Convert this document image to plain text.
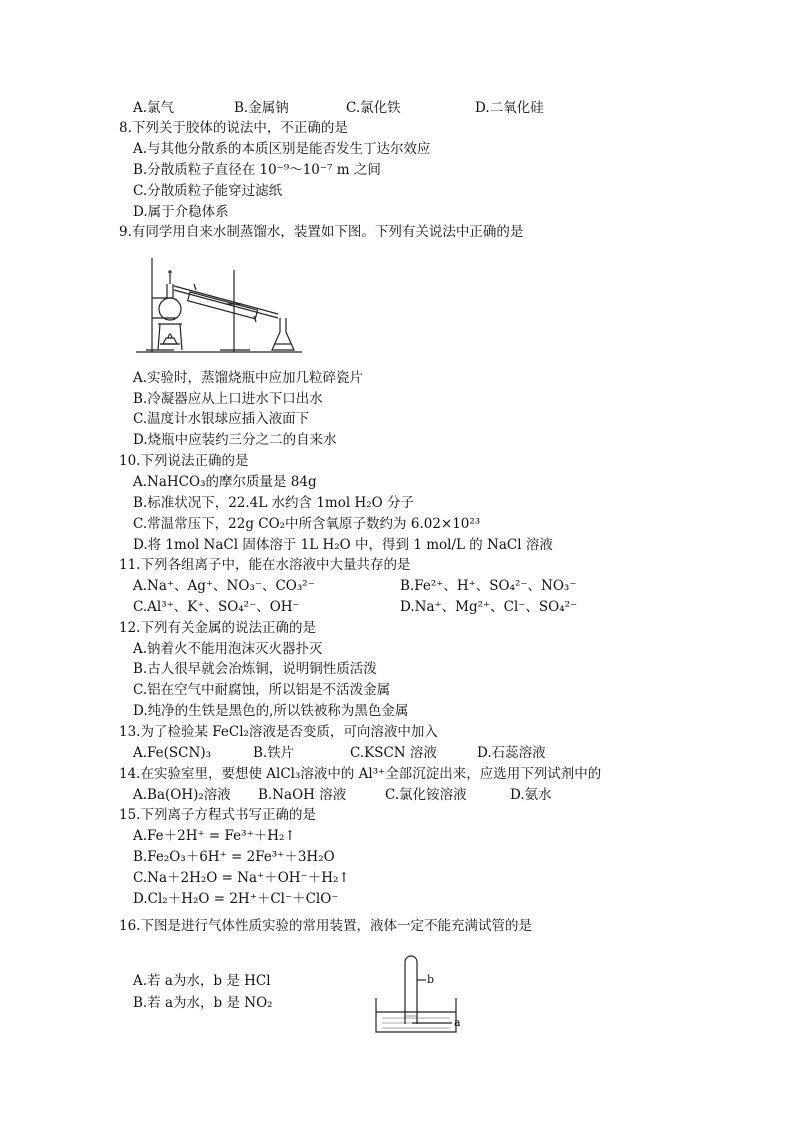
A.氯气	B.金属钠	C.氯化铁	D.二氧化硅
8.下列关于胶体的说法中，不正确的是
A.与其他分散系的本质区别是能否发生丁达尔效应
B.分散质粒子直径在 10⁻⁹～10⁻⁷ m 之间
C.分散质粒子能穿过滤纸
D.属于介稳体系
9.有同学用自来水制蒸馏水，装置如下图。下列有关说法中正确的是
A.实验时，蒸馏烧瓶中应加几粒碎瓷片
B.冷凝器应从上口进水下口出水
C.温度计水银球应插入液面下
D.烧瓶中应装约三分之二的自来水
10.下列说法正确的是
A.NaHCO₃的摩尔质量是 84g
B.标准状况下，22.4L 水约含 1mol H₂O 分子
C.常温常压下，22g CO₂中所含氧原子数约为 6.02×10²³
D.将 1mol NaCl 固体溶于 1L H₂O 中，得到 1 mol/L 的 NaCl 溶液
11.下列各组离子中，能在水溶液中大量共存的是
A.Na⁺、Ag⁺、NO₃⁻、CO₃²⁻	B.Fe²⁺、H⁺、SO₄²⁻、NO₃⁻
C.Al³⁺、K⁺、SO₄²⁻、OH⁻	D.Na⁺、Mg²⁺、Cl⁻、SO₄²⁻
12.下列有关金属的说法正确的是
A.钠着火不能用泡沫灭火器扑灭
B.古人很早就会冶炼铜，说明铜性质活泼
C.铝在空气中耐腐蚀，所以铝是不活泼金属
D.纯净的生铁是黑色的,所以铁被称为黑色金属
13.为了检验某 FeCl₂溶液是否变质，可向溶液中加入
A.Fe(SCN)₃	B.铁片	C.KSCN 溶液	D.石蕊溶液
14.在实验室里，要想使 AlCl₃溶液中的 Al³⁺全部沉淀出来，应选用下列试剂中的
A.Ba(OH)₂溶液 B.NaOH 溶液	C.氯化铵溶液	D.氨水
15.下列离子方程式书写正确的是
A.Fe＋2H⁺ = Fe³⁺＋H₂↑
B.Fe₂O₃＋6H⁺ = 2Fe³⁺＋3H₂O
C.Na＋2H₂O = Na⁺＋OH⁻＋H₂↑
D.Cl₂＋H₂O = 2H⁺＋Cl⁻＋ClO⁻
16.下图是进行气体性质实验的常用装置，液体一定不能充满试管的是
A.若 a为水，b 是 HCl
B.若 a为水，b 是 NO₂
b
a
